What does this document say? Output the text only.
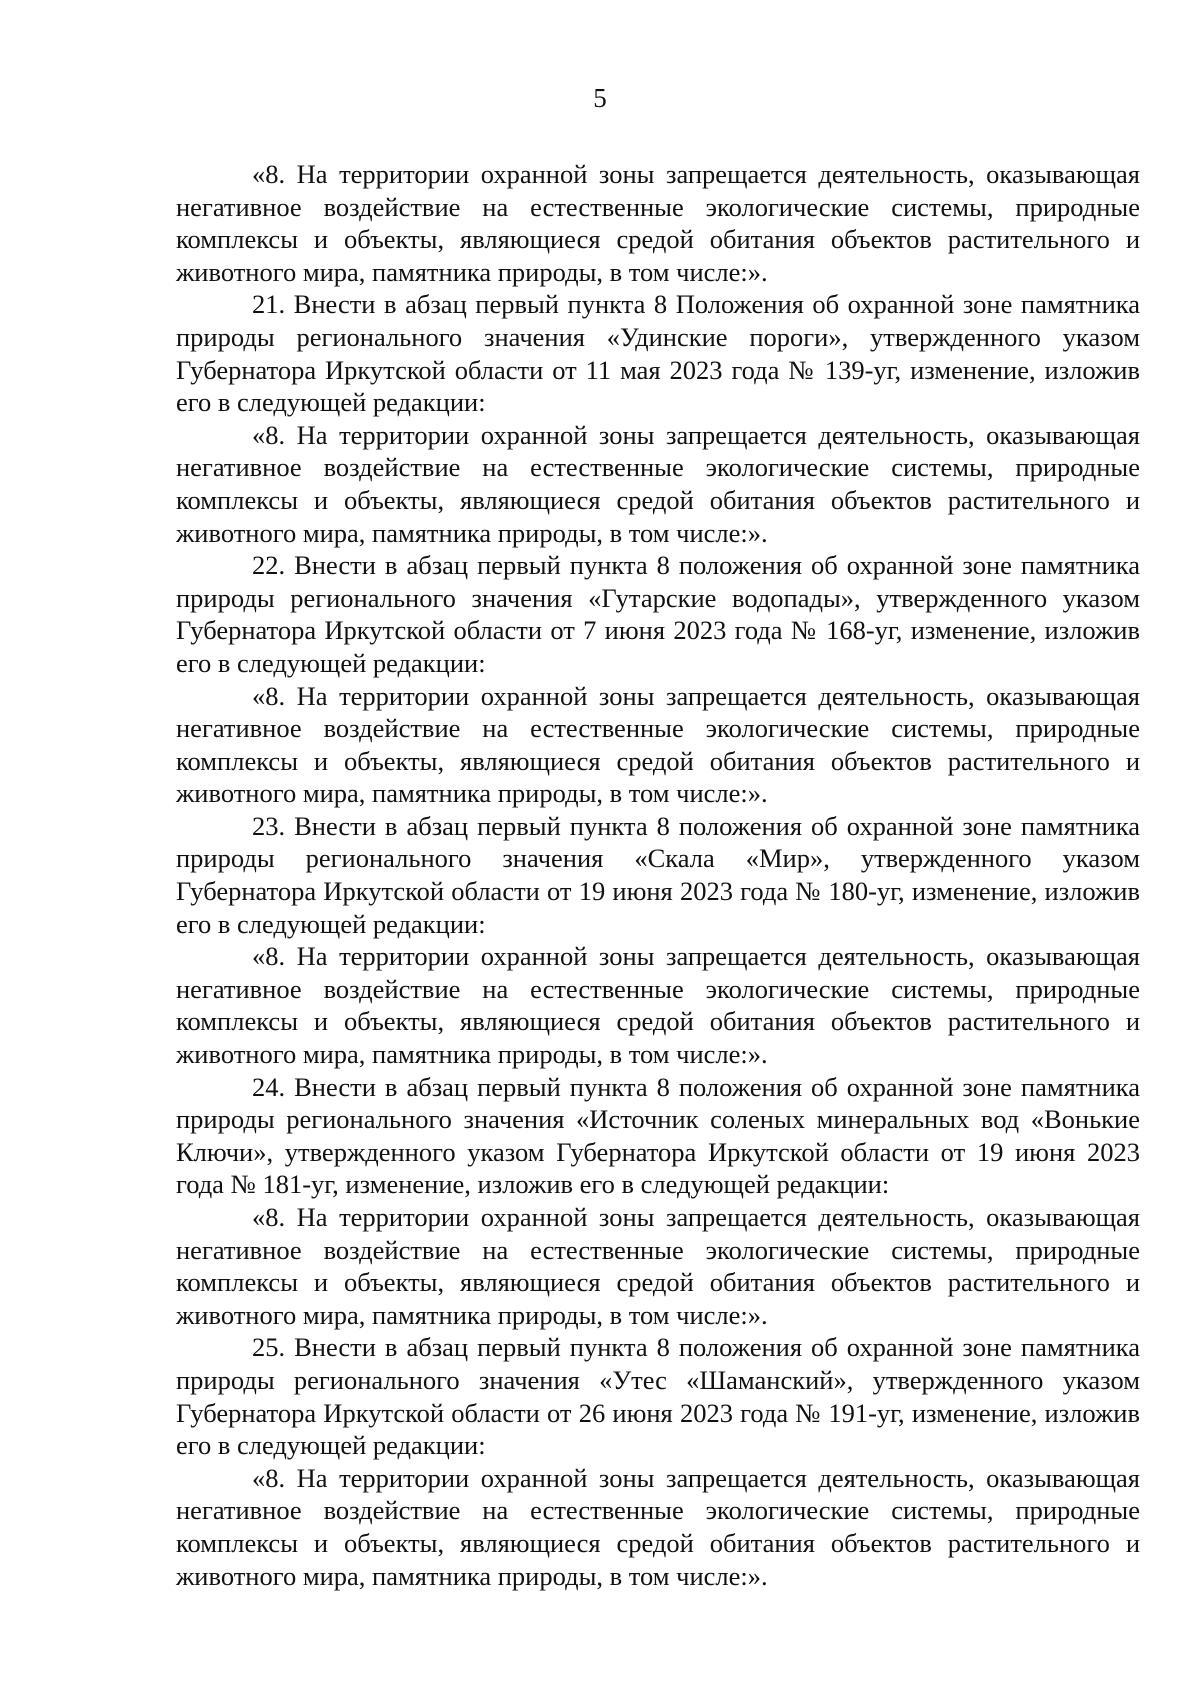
5

«8. На территории охранной зоны запрещается деятельность, оказывающая негативное воздействие на естественные экологические системы, природные комплексы и объекты, являющиеся средой обитания объектов растительного и животного мира, памятника природы, в том числе:».

21. Внести в абзац первый пункта 8 Положения об охранной зоне памятника природы регионального значения «Удинские пороги», утвержденного указом Губернатора Иркутской области от 11 мая 2023 года № 139-уг, изменение, изложив его в следующей редакции:

«8. На территории охранной зоны запрещается деятельность, оказывающая негативное воздействие на естественные экологические системы, природные комплексы и объекты, являющиеся средой обитания объектов растительного и животного мира, памятника природы, в том числе:».

22. Внести в абзац первый пункта 8 положения об охранной зоне памятника природы регионального значения «Гутарские водопады», утвержденного указом Губернатора Иркутской области от 7 июня 2023 года № 168-уг, изменение, изложив его в следующей редакции:

«8. На территории охранной зоны запрещается деятельность, оказывающая негативное воздействие на естественные экологические системы, природные комплексы и объекты, являющиеся средой обитания объектов растительного и животного мира, памятника природы, в том числе:».

23. Внести в абзац первый пункта 8 положения об охранной зоне памятника природы регионального значения «Скала «Мир», утвержденного указом Губернатора Иркутской области от 19 июня 2023 года № 180-уг, изменение, изложив его в следующей редакции:

«8. На территории охранной зоны запрещается деятельность, оказывающая негативное воздействие на естественные экологические системы, природные комплексы и объекты, являющиеся средой обитания объектов растительного и животного мира, памятника природы, в том числе:».

24. Внести в абзац первый пункта 8 положения об охранной зоне памятника природы регионального значения «Источник соленых минеральных вод «Вонькие Ключи», утвержденного указом Губернатора Иркутской области от 19 июня 2023 года № 181-уг, изменение, изложив его в следующей редакции:

«8. На территории охранной зоны запрещается деятельность, оказывающая негативное воздействие на естественные экологические системы, природные комплексы и объекты, являющиеся средой обитания объектов растительного и животного мира, памятника природы, в том числе:».

25. Внести в абзац первый пункта 8 положения об охранной зоне памятника природы регионального значения «Утес «Шаманский», утвержденного указом Губернатора Иркутской области от 26 июня 2023 года № 191-уг, изменение, изложив его в следующей редакции:

«8. На территории охранной зоны запрещается деятельность, оказывающая негативное воздействие на естественные экологические системы, природные комплексы и объекты, являющиеся средой обитания объектов растительного и животного мира, памятника природы, в том числе:».
